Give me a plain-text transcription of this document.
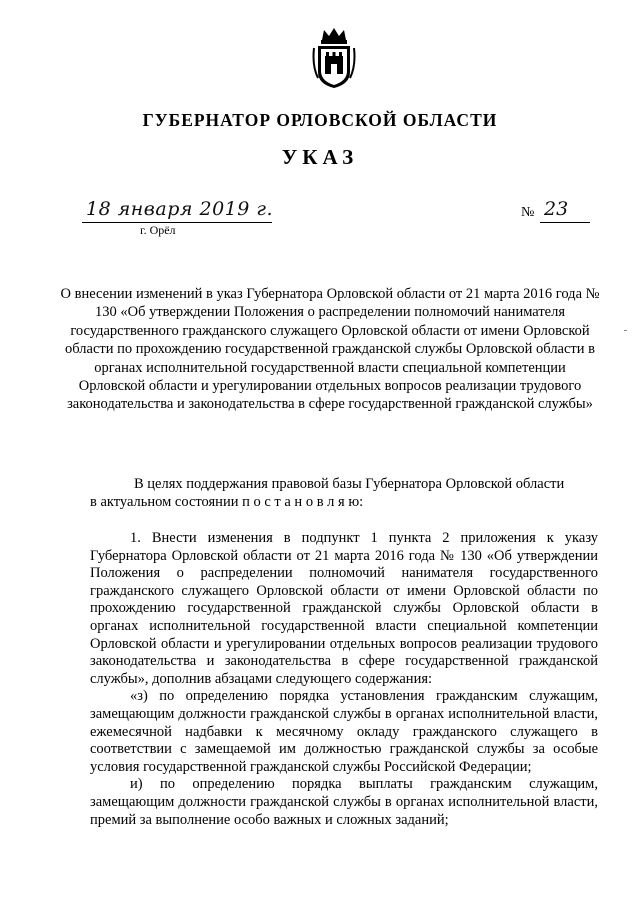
ГУБЕРНАТОР ОРЛОВСКОЙ ОБЛАСТИ
УКАЗ
18 января 2019 г.
г. Орёл
№ 23
О внесении изменений в указ Губернатора Орловской области от 21 марта 2016 года № 130 «Об утверждении Положения о распределении полномочий нанимателя государственного гражданского служащего Орловской области от имени Орловской области по прохождению государственной гражданской службы Орловской области в органах исполнительной государственной власти специальной компетенции Орловской области и урегулировании отдельных вопросов реализации трудового законодательства и законодательства в сфере государственной гражданской службы»
В целях поддержания правовой базы Губернатора Орловской области
в актуальном состоянии п о с т а н о в л я ю:

1. Внести изменения в подпункт 1 пункта 2 приложения к указу Губернатора Орловской области от 21 марта 2016 года № 130 «Об утверждении Положения о распределении полномочий нанимателя государственного гражданского служащего Орловской области от имени Орловской области по прохождению государственной гражданской службы Орловской области в органах исполнительной государственной власти специальной компетенции Орловской области и урегулировании отдельных вопросов реализации трудового законодательства и законодательства в сфере государственной гражданской службы», дополнив абзацами следующего содержания:

«з) по определению порядка установления гражданским служащим, замещающим должности гражданской службы в органах исполнительной власти, ежемесячной надбавки к месячному окладу гражданского служащего в соответствии с замещаемой им должностью гражданской службы за особые условия государственной гражданской службы Российской Федерации;

и) по определению порядка выплаты гражданским служащим, замещающим должности гражданской службы в органах исполнительной власти, премий за выполнение особо важных и сложных заданий;
